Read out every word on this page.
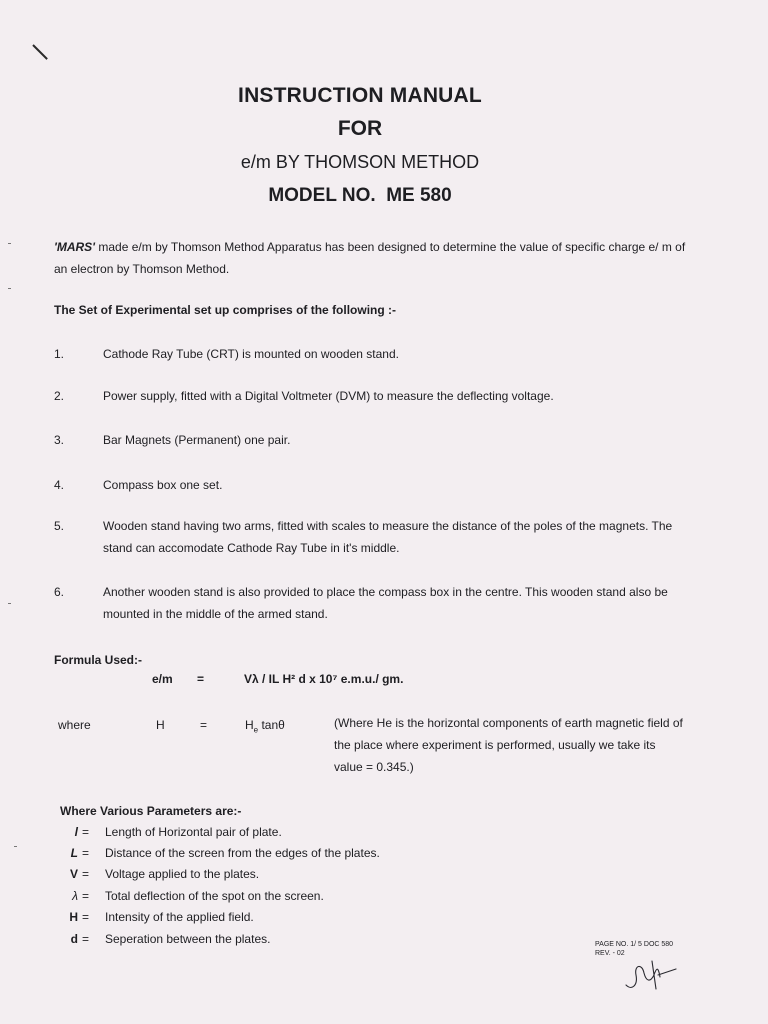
INSTRUCTION MANUAL
FOR
e/m BY THOMSON METHOD
MODEL NO.  ME 580
'MARS' made e/m by Thomson Method Apparatus has been designed to determine the value of specific charge e/ m of an electron by Thomson Method.
The Set of Experimental set up comprises of the following :-
1.	Cathode Ray Tube (CRT) is mounted on wooden stand.
2.	Power supply, fitted with a Digital Voltmeter (DVM) to measure the deflecting voltage.
3.	Bar Magnets (Permanent) one pair.
4.	Compass box one set.
5.	Wooden stand having two arms, fitted with scales to measure the distance of the poles of the magnets. The stand can accomodate Cathode Ray Tube in it's middle.
6.	Another wooden stand is also provided to place the compass box in the centre. This wooden stand also be mounted in the middle of the armed stand.
Formula Used:-
e/m =	Vλ / IL H² d x 10⁷ e.m.u./ gm.
where	H	=	$H_e$ tanθ	(Where He is the horizontal components of earth magnetic field of the place where experiment is performed, usually we take its value = 0.345.)
Where Various Parameters are:-
l = Length of Horizontal pair of plate.
L = Distance of the screen from the edges of the plates.
V = Voltage applied to the plates.
λ = Total deflection of the spot on the screen.
H = Intensity of the applied field.
d = Seperation between the plates.	PAGE NO. 1/ 5 DOC 580
REV. - 02
